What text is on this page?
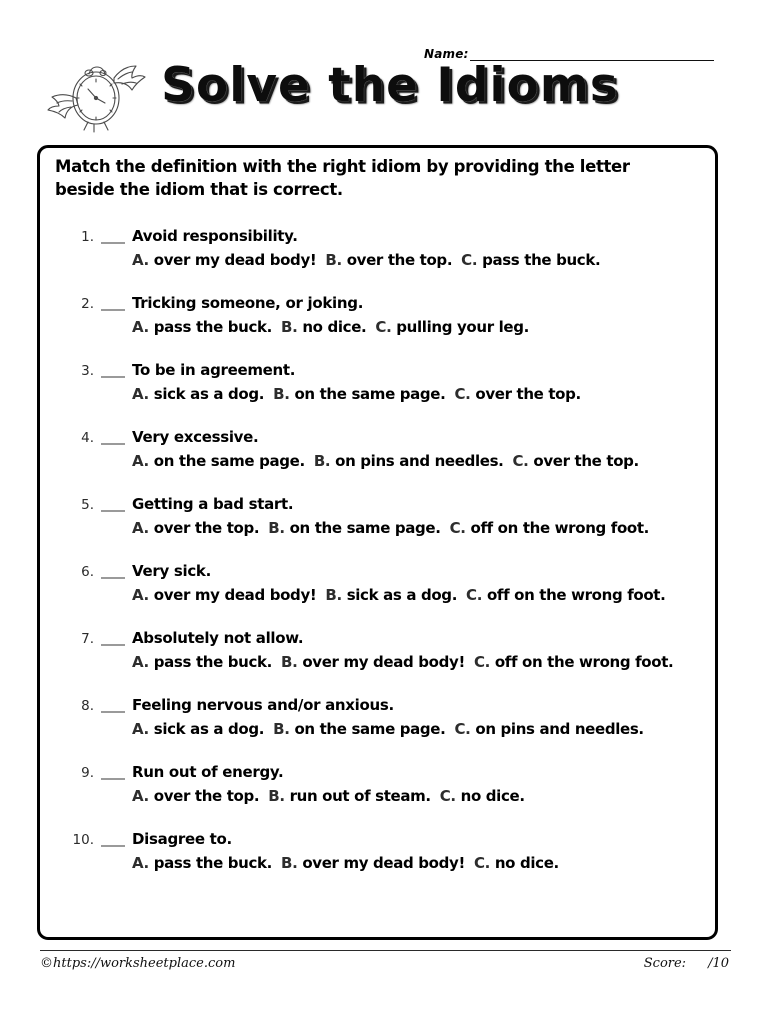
Name:
Solve the Idioms
Match the definition with the right idiom by providing the letter beside the idiom that is correct.
1.	Avoid responsibility.
A. over my dead body! B. over the top. C. pass the buck.
2.	Tricking someone, or joking.
A. pass the buck. B. no dice. C. pulling your leg.
3.	To be in agreement.
A. sick as a dog. B. on the same page. C. over the top.
4.	Very excessive.
A. on the same page. B. on pins and needles. C. over the top.
5.	Getting a bad start.
A. over the top. B. on the same page. C. off on the wrong foot.
6.	Very sick.
A. over my dead body! B. sick as a dog. C. off on the wrong foot.
7.	Absolutely not allow.
A. pass the buck. B. over my dead body! C. off on the wrong foot.
8.	Feeling nervous and/or anxious.
A. sick as a dog. B. on the same page. C. on pins and needles.
9.	Run out of energy.
A. over the top. B. run out of steam. C. no dice.
10.	Disagree to.
A. pass the buck. B. over my dead body! C. no dice.
©https://worksheetplace.com	Score: /10
